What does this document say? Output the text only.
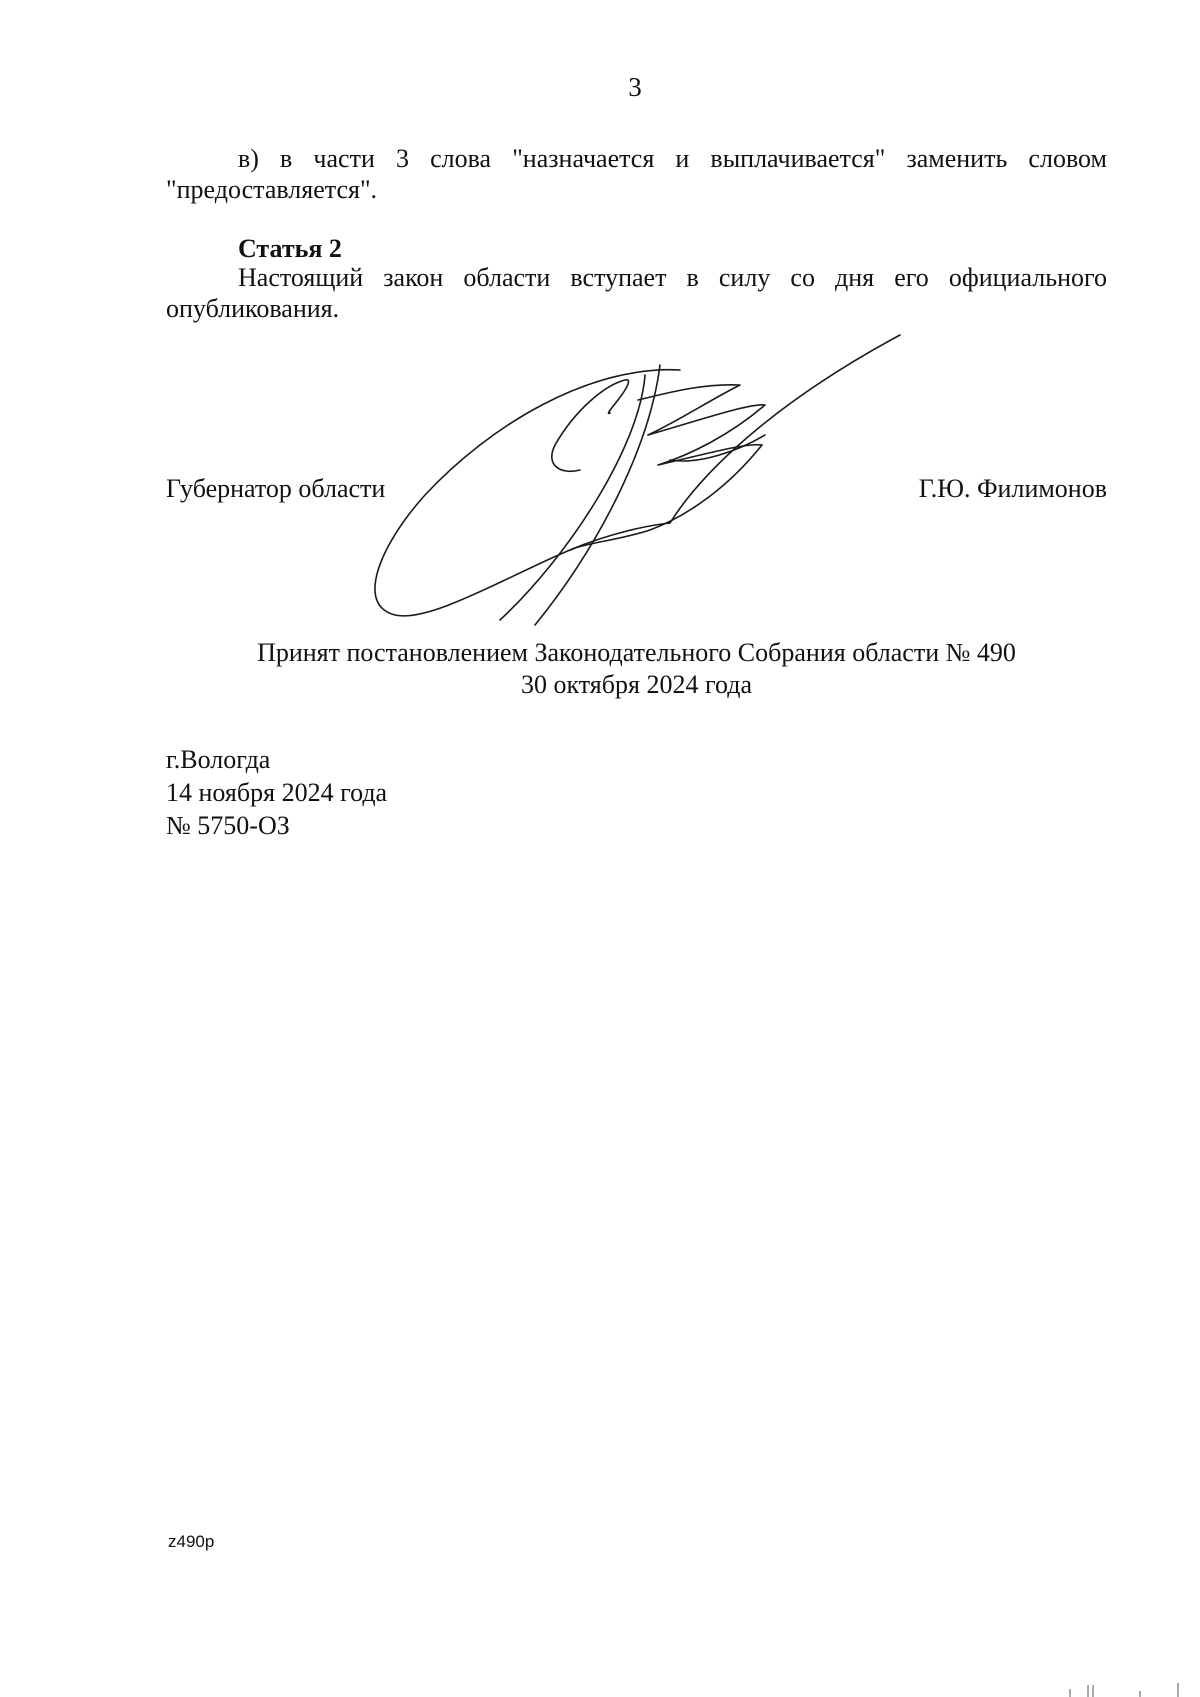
3
в) в части 3 слова "назначается и выплачивается" заменить словом "предоставляется".
Статья 2
Настоящий закон области вступает в силу со дня его официального опубликования.
Губернатор области	Г.Ю. Филимонов
Принят постановлением Законодательного Собрания области № 490
30 октября 2024 года
г.Вологда
14 ноября 2024 года
№ 5750-ОЗ
z490p
